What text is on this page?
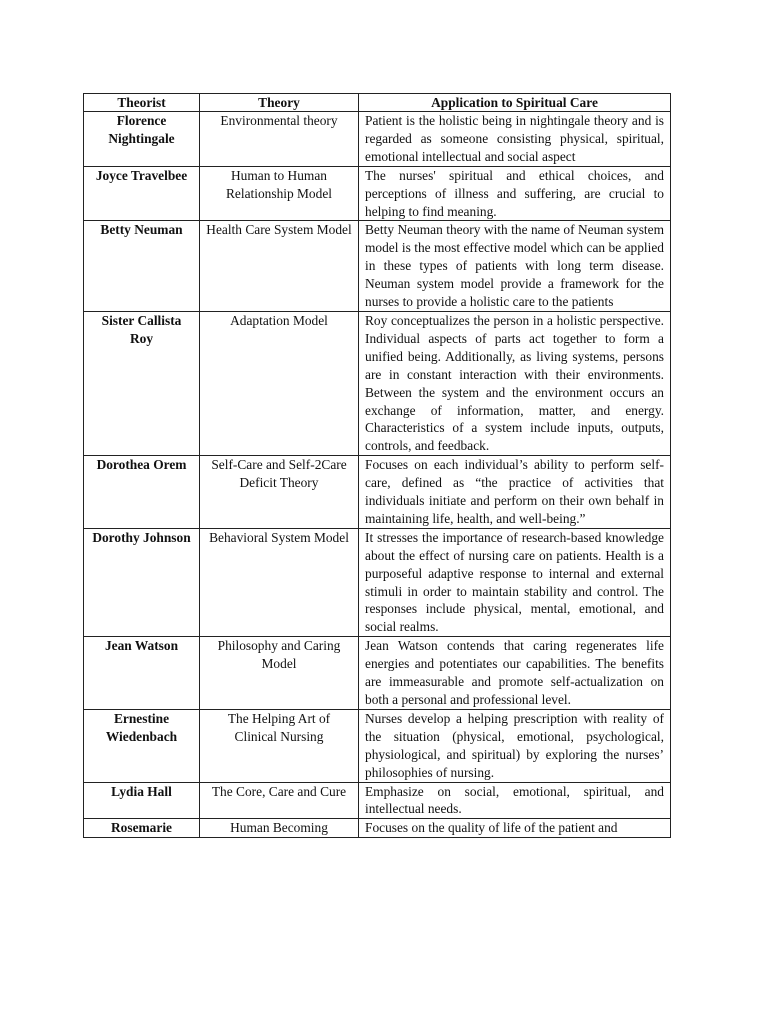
Theorist	Theory	Application to Spiritual Care
Florence Nightingale	Environmental theory	Patient is the holistic being in nightingale theory and is regarded as someone consisting physical, spiritual, emotional intellectual and social aspect
Joyce Travelbee	Human to Human Relationship Model	The nurses' spiritual and ethical choices, and perceptions of illness and suffering, are crucial to helping to find meaning.
Betty Neuman	Health Care System Model	Betty Neuman theory with the name of Neuman system model is the most effective model which can be applied in these types of patients with long term disease. Neuman system model provide a framework for the nurses to provide a holistic care to the patients
Sister Callista Roy	Adaptation Model	Roy conceptualizes the person in a holistic perspective. Individual aspects of parts act together to form a unified being. Additionally, as living systems, persons are in constant interaction with their environments. Between the system and the environment occurs an exchange of information, matter, and energy. Characteristics of a system include inputs, outputs, controls, and feedback.
Dorothea Orem	Self-Care and Self-2Care Deficit Theory	Focuses on each individual’s ability to perform self-care, defined as “the practice of activities that individuals initiate and perform on their own behalf in maintaining life, health, and well-being.”
Dorothy Johnson	Behavioral System Model	It stresses the importance of research-based knowledge about the effect of nursing care on patients. Health is a purposeful adaptive response to internal and external stimuli in order to maintain stability and control. The responses include physical, mental, emotional, and social realms.
Jean Watson	Philosophy and Caring Model	Jean Watson contends that caring regenerates life energies and potentiates our capabilities. The benefits are immeasurable and promote self-actualization on both a personal and professional level.
Ernestine Wiedenbach	The Helping Art of Clinical Nursing	Nurses develop a helping prescription with reality of the situation (physical, emotional, psychological, physiological, and spiritual) by exploring the nurses’ philosophies of nursing.
Lydia Hall	The Core, Care and Cure	Emphasize on social, emotional, spiritual, and intellectual needs.
Rosemarie	Human Becoming	Focuses on the quality of life of the patient and
